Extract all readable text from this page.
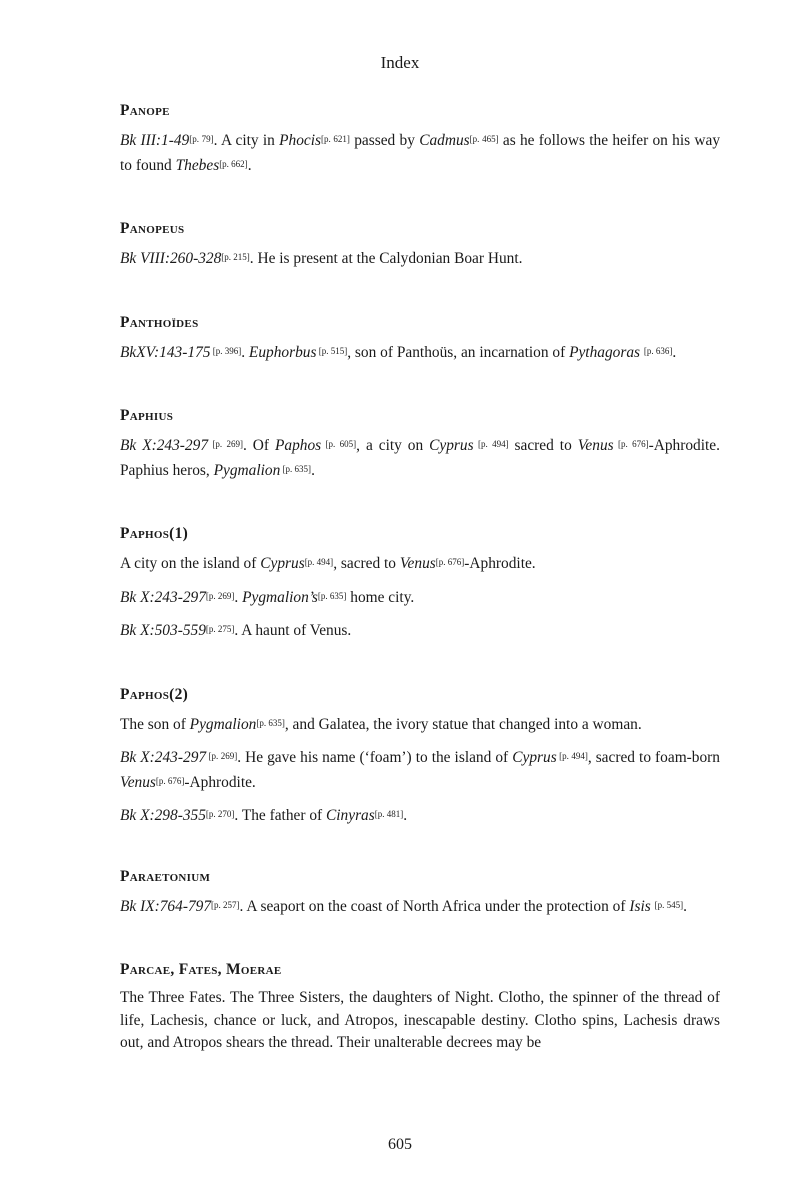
Index
Panope
Bk III:1-49[p. 79]. A city in Phocis[p. 621] passed by Cadmus[p. 465] as he follows the heifer on his way to found Thebes[p. 662].
Panopeus
Bk VIII:260-328[p. 215]. He is present at the Calydonian Boar Hunt.
Panthoïdes
BkXV:143-175 [p. 396]. Euphorbus [p. 515], son of Panthoüs, an incarnation of Pythagoras [p. 636].
Paphius
Bk X:243-297 [p. 269]. Of Paphos [p. 605], a city on Cyprus [p. 494] sacred to Venus [p. 676]-Aphrodite. Paphius heros, Pygmalion [p. 635].
Paphos(1)
A city on the island of Cyprus[p. 494], sacred to Venus[p. 676]-Aphrodite.
Bk X:243-297[p. 269]. Pygmalion’s[p. 635] home city.
Bk X:503-559[p. 275]. A haunt of Venus.
Paphos(2)
The son of Pygmalion[p. 635], and Galatea, the ivory statue that changed into a woman.
Bk X:243-297 [p. 269]. He gave his name (‘foam’) to the island of Cyprus [p. 494], sacred to foam-born Venus[p. 676]-Aphrodite.
Bk X:298-355[p. 270]. The father of Cinyras[p. 481].
Paraetonium
Bk IX:764-797[p. 257]. A seaport on the coast of North Africa under the protection of Isis [p. 545].
Parcae, Fates, Moerae
The Three Fates. The Three Sisters, the daughters of Night. Clotho, the spinner of the thread of life, Lachesis, chance or luck, and Atropos, inescapable destiny. Clotho spins, Lachesis draws out, and Atropos shears the thread. Their unalterable decrees may be
605
